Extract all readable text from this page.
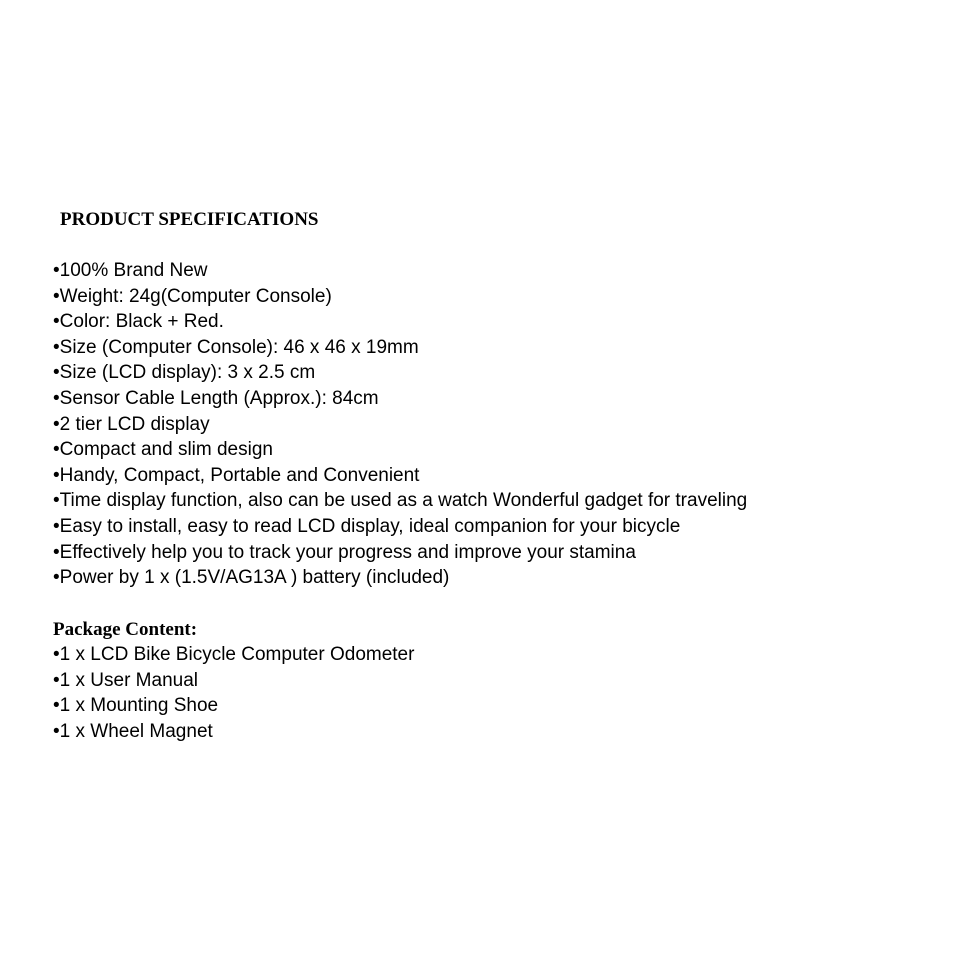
PRODUCT SPECIFICATIONS
•100% Brand New
•Weight: 24g(Computer Console)
•Color: Black + Red.
•Size (Computer Console): 46 x 46 x 19mm
•Size (LCD display): 3 x 2.5 cm
•Sensor Cable Length (Approx.): 84cm
•2 tier LCD display
•Compact and slim design
•Handy, Compact, Portable and Convenient
•Time display function, also can be used as a watch Wonderful gadget for traveling
•Easy to install, easy to read LCD display, ideal companion for your bicycle
•Effectively help you to track your progress and improve your stamina
•Power by 1 x (1.5V/AG13A ) battery (included)
Package Content:
•1 x LCD Bike Bicycle Computer Odometer
•1 x User Manual
•1 x Mounting Shoe
•1 x Wheel Magnet
